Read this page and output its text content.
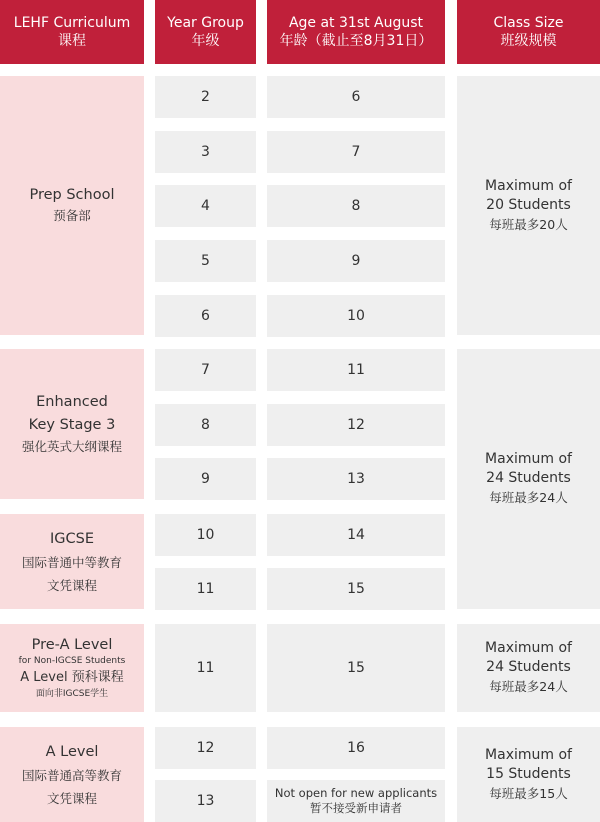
LEHF Curriculum
课程
Year Group
年级
Age at 31st August
年龄（截止至8月31日）
Class Size
班级规模
Prep School
预备部
Enhanced
Key Stage 3
强化英式大纲课程
IGCSE
国际普通中等教育
文凭课程
Pre-A Level
for Non-IGCSE Students
A Level 预科课程
面向非IGCSE学生
A Level
国际普通高等教育
文凭课程
2
3
4
5
6
7
8
9
10
11
11
12
13
6
7
8
9
10
11
12
13
14
15
15
16
Not open for new applicants
暂不接受新申请者
Maximum of
20 Students
每班最多20人
Maximum of
24 Students
每班最多24人
Maximum of
24 Students
每班最多24人
Maximum of
15 Students
每班最多15人
